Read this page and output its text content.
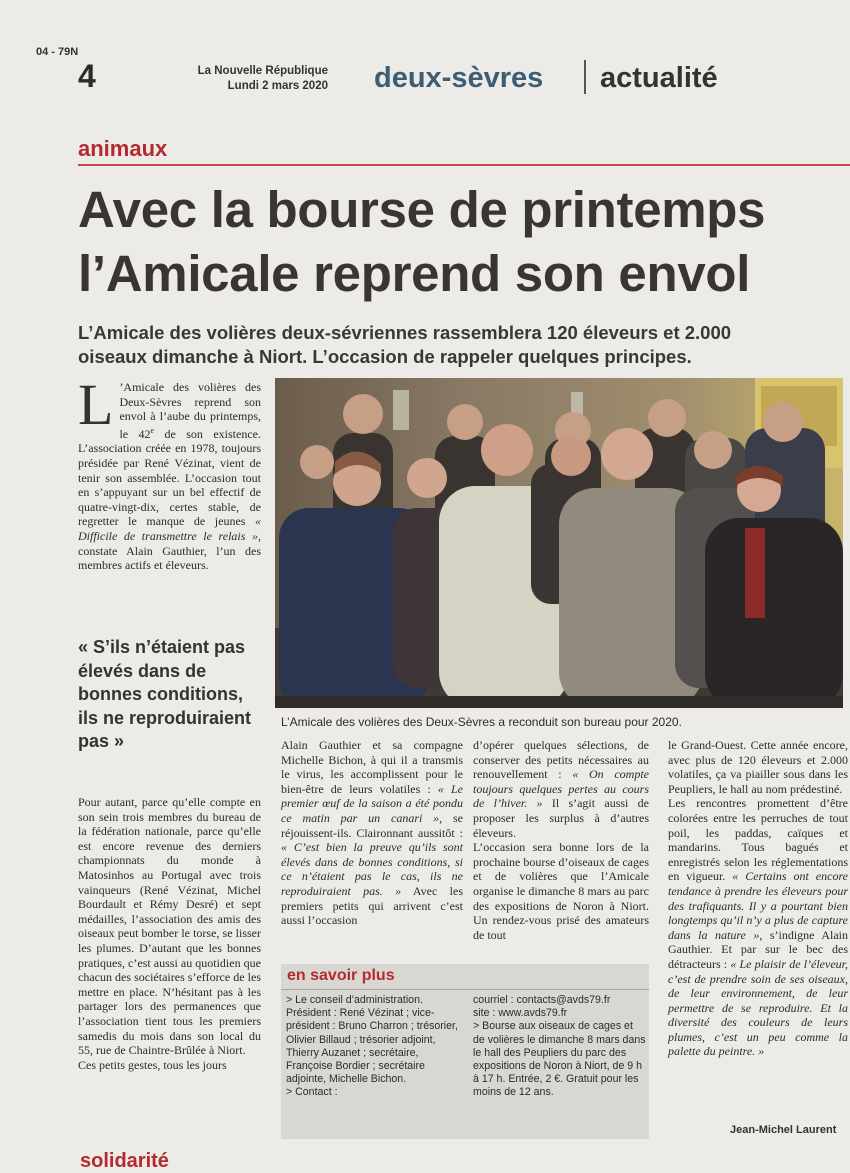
04 - 79N
4	La Nouvelle République
Lundi 2 mars 2020 deux-sèvres actualité
animaux
Avec la bourse de printemps
l’Amicale reprend son envol
L’Amicale des volières deux-sévriennes rassemblera 120 éleveurs et 2.000
oiseaux dimanche à Niort. L’occasion de rappeler quelques principes.

L ’Amicale des volières des Deux-Sèvres reprend son envol à l’aube du printemps, le 42e de son existence. L’association créée en 1978, toujours présidée par René Vézinat, vient de tenir son assemblée. L’occasion tout en s’appuyant sur un bel effectif de quatre-vingt-dix, certes stable, de regretter le manque de jeunes « Difficile de transmettre le relais », constate Alain Gauthier, l’un des membres actifs et éleveurs.

« S’ils n’étaient pas élevés dans de bonnes conditions, ils ne reproduiraient pas »

Pour autant, parce qu’elle compte en son sein trois membres du bureau de la fédération nationale, parce qu’elle est encore revenue des derniers championnats du monde à Matosinhos au Portugal avec trois vainqueurs (René Vézinat, Michel Bourdault et Rémy Desré) et sept médailles, l’association des amis des oiseaux peut bomber le torse, se lisser les plumes. D’autant que les bonnes pratiques, c’est aussi au quotidien que chacun des sociétaires s’efforce de les mettre en place. N’hésitant pas à les partager lors des permanences que l’association tient tous les premiers samedis du mois dans son local du 55, rue de Chaintre-Brûlée à Niort.

Ces petits gestes, tous les jours

L’Amicale des volières des Deux-Sèvres a reconduit son bureau pour 2020.

Alain Gauthier et sa compagne Michelle Bichon, à qui il a transmis le virus, les accomplissent pour le bien-être de leurs volatiles : « Le premier œuf de la saison a été pondu ce matin par un canari », se réjouissent-ils. Claironnant aussitôt : « C’est bien la preuve qu’ils sont élevés dans de bonnes conditions, si ce n’étaient pas le cas, ils ne reproduiraient pas. » Avec les premiers petits qui arrivent c’est aussi l’occasion

d’opérer quelques sélections, de conserver des petits nécessaires au renouvellement : « On compte toujours quelques pertes au cours de l’hiver. » Il s’agit aussi de proposer les surplus à d’autres éleveurs.

L’occasion sera bonne lors de la prochaine bourse d’oiseaux de cages et de volières que l’Amicale organise le dimanche 8 mars au parc des expositions de Noron à Niort. Un rendez-vous prisé des amateurs de tout

le Grand-Ouest. Cette année encore, avec plus de 120 éleveurs et 2.000 volatiles, ça va piailler sous dans les Peupliers, le hall au nom prédestiné.

Les rencontres promettent d’être colorées entre les perruches de tout poil, les paddas, caïques et mandarins. Tous bagués et enregistrés selon les réglementations en vigueur. « Certains ont encore tendance à prendre les éleveurs pour des trafiquants. Il y a pourtant bien longtemps qu’il n’y a plus de capture dans la nature », s’indigne Alain Gauthier. Et par sur le bec des détracteurs : « Le plaisir de l’éleveur, c’est de prendre soin de ses oiseaux, de leur environnement, de leur permettre de se reproduire. Et la diversité des couleurs de leurs plumes, c’est un peu comme la palette du peintre. »

en savoir plus

> Le conseil d’administration. Président : René Vézinat ; vice-président : Bruno Charron ; trésorier, Olivier Billaud ; trésorier adjoint, Thierry Auzanet ; secrétaire, Françoise Bordier ; secrétaire adjointe, Michelle Bichon.

> Contact :

courriel : contacts@avds79.fr

site : www.avds79.fr

> Bourse aux oiseaux de cages et de volières le dimanche 8 mars dans le hall des Peupliers du parc des expositions de Noron à Niort, de 9 h à 17 h. Entrée, 2 €. Gratuit pour les moins de 12 ans.

Jean-Michel Laurent
solidarité
